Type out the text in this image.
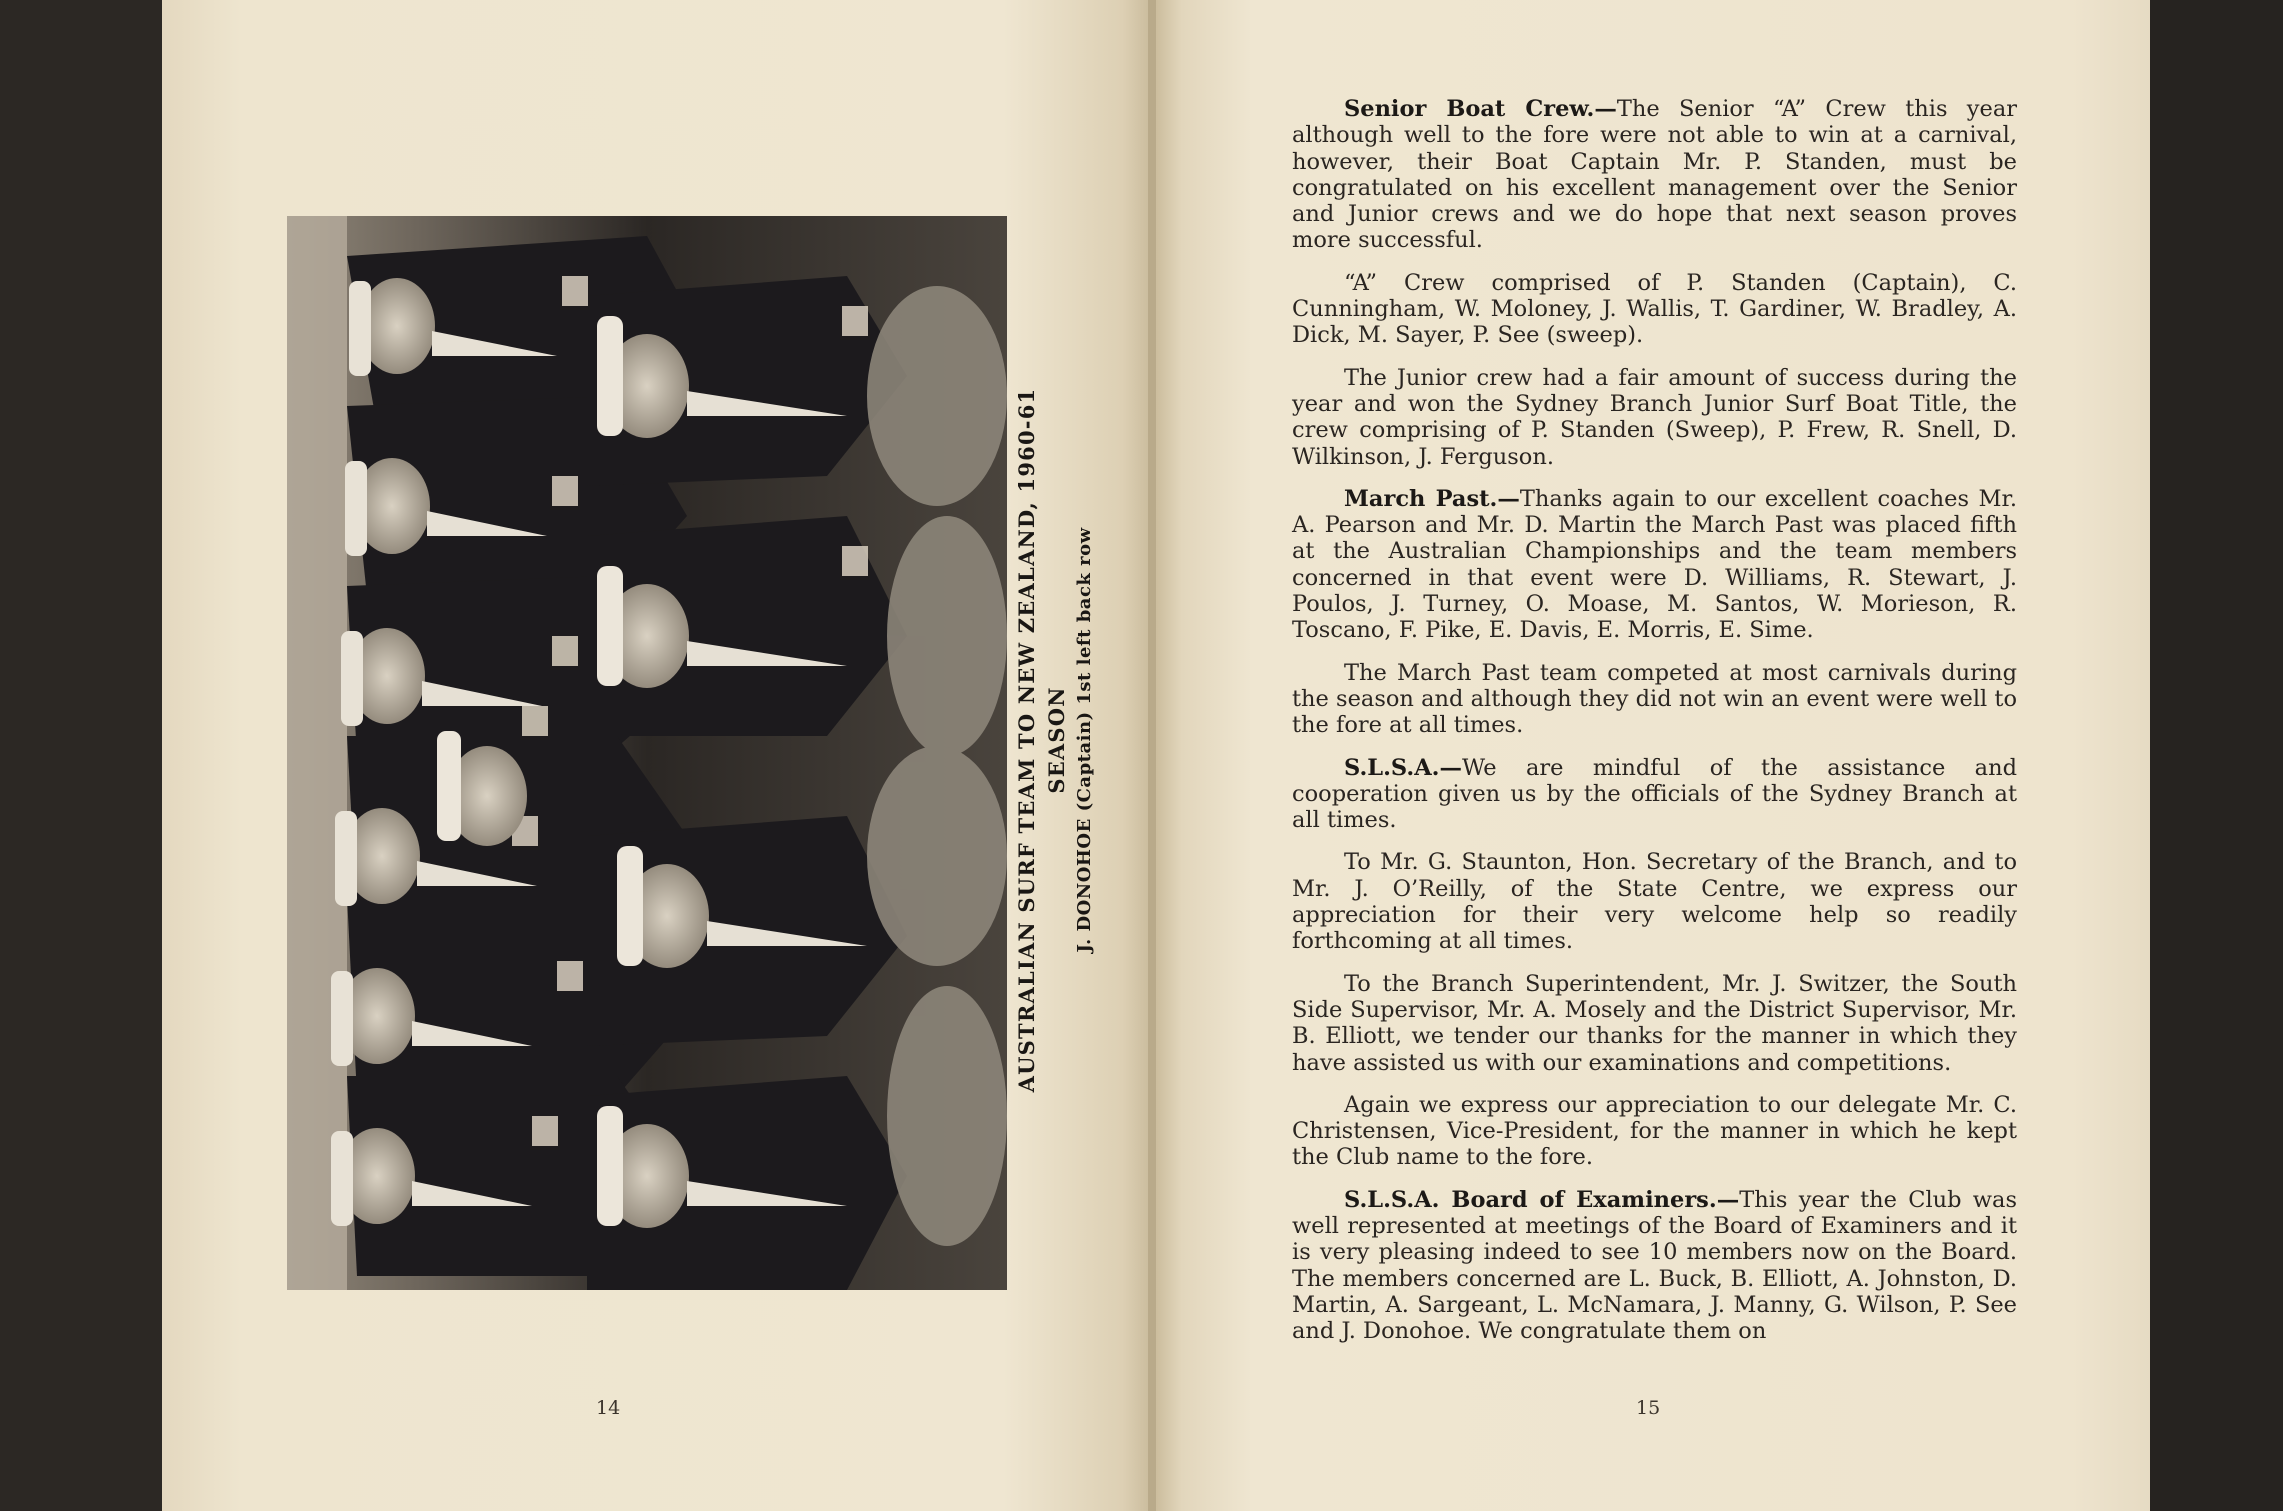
AUSTRALIAN SURF TEAM TO NEW ZEALAND, 1960-61 SEASON J. DONOHOE (Captain) 1st left back row
14	15

Senior Boat Crew.—The Senior “A” Crew this year although well to the fore were not able to win at a carnival, however, their Boat Captain Mr. P. Standen, must be congratulated on his excellent management over the Senior and Junior crews and we do hope that next season proves more successful.

“A” Crew comprised of P. Standen (Captain), C. Cunningham, W. Moloney, J. Wallis, T. Gardiner, W. Bradley, A. Dick, M. Sayer, P. See (sweep).

The Junior crew had a fair amount of success during the year and won the Sydney Branch Junior Surf Boat Title, the crew comprising of P. Standen (Sweep), P. Frew, R. Snell, D. Wilkinson, J. Ferguson.

March Past.—Thanks again to our excellent coaches Mr. A. Pearson and Mr. D. Martin the March Past was placed fifth at the Australian Championships and the team members concerned in that event were D. Williams, R. Stewart, J. Poulos, J. Turney, O. Moase, M. Santos, W. Morieson, R. Toscano, F. Pike, E. Davis, E. Morris, E. Sime.

The March Past team competed at most carnivals during the season and although they did not win an event were well to the fore at all times.

S.L.S.A.—We are mindful of the assistance and cooperation given us by the officials of the Sydney Branch at all times.

To Mr. G. Staunton, Hon. Secretary of the Branch, and to Mr. J. O’Reilly, of the State Centre, we express our appreciation for their very welcome help so readily forthcoming at all times.

To the Branch Superintendent, Mr. J. Switzer, the South Side Supervisor, Mr. A. Mosely and the District Supervisor, Mr. B. Elliott, we tender our thanks for the manner in which they have assisted us with our examinations and competitions.

Again we express our appreciation to our delegate Mr. C. Christensen, Vice-President, for the manner in which he kept the Club name to the fore.

S.L.S.A. Board of Examiners.—This year the Club was well represented at meetings of the Board of Examiners and it is very pleasing indeed to see 10 members now on the Board. The members concerned are L. Buck, B. Elliott, A. Johnston, D. Martin, A. Sargeant, L. McNamara, J. Manny, G. Wilson, P. See and J. Donohoe. We congratulate them on
